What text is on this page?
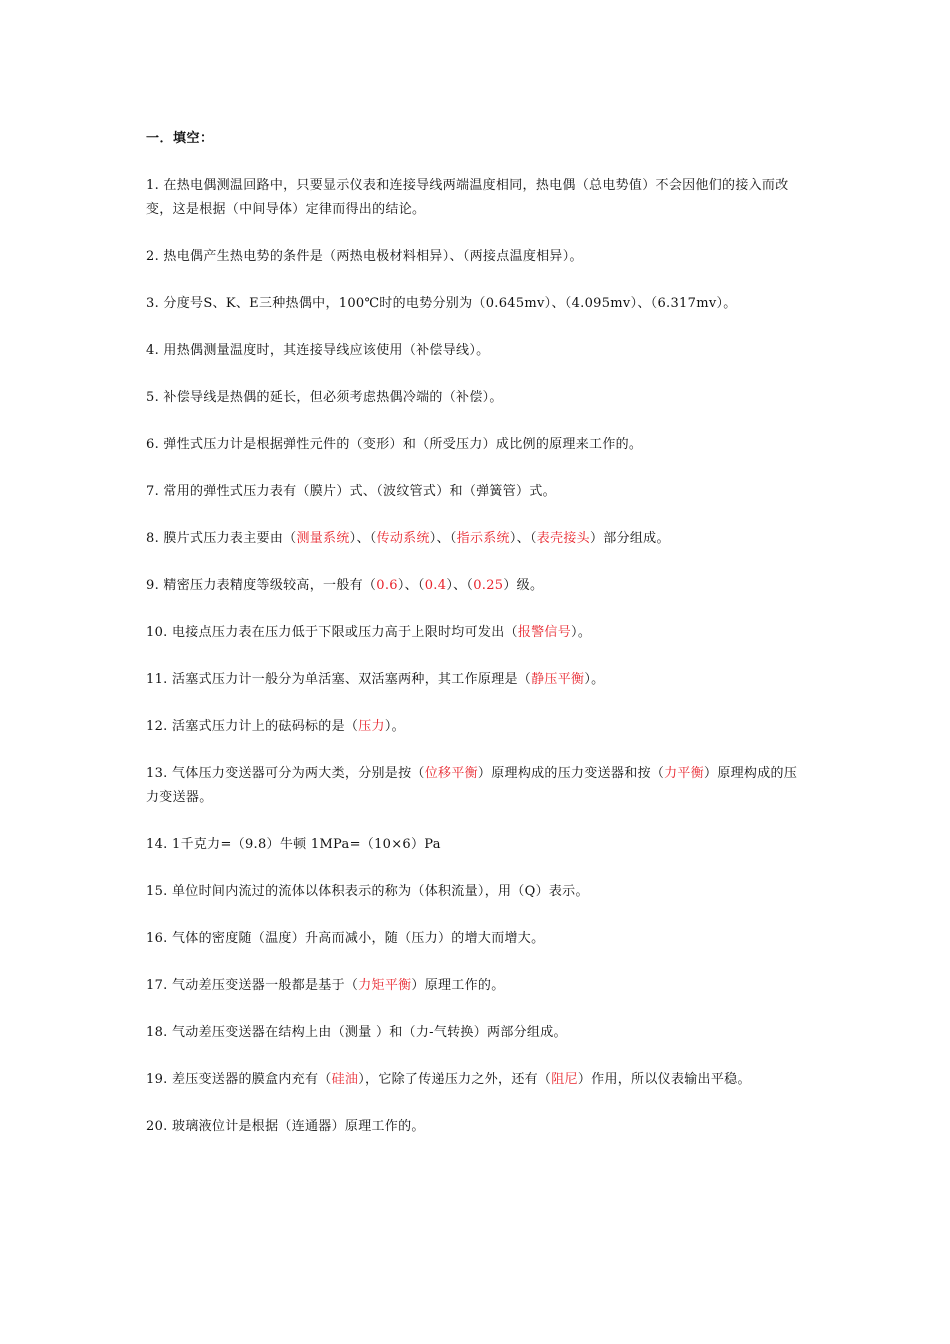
一．填空：
1. 在热电偶测温回路中，只要显示仪表和连接导线两端温度相同，热电偶（总电势值）不会因他们的接入而改变，这是根据（中间导体）定律而得出的结论。
2. 热电偶产生热电势的条件是（两热电极材料相异）、（两接点温度相异）。
3. 分度号S、K、E三种热偶中，100℃时的电势分别为（0.645mv）、（4.095mv）、（6.317mv）。
4. 用热偶测量温度时，其连接导线应该使用（补偿导线）。
5. 补偿导线是热偶的延长，但必须考虑热偶冷端的（补偿）。
6. 弹性式压力计是根据弹性元件的（变形）和（所受压力）成比例的原理来工作的。
7. 常用的弹性式压力表有（膜片）式、（波纹管式）和（弹簧管）式。
8. 膜片式压力表主要由（测量系统）、（传动系统）、（指示系统）、（表壳接头）部分组成。
9. 精密压力表精度等级较高，一般有（0.6）、（0.4）、（0.25）级。
10. 电接点压力表在压力低于下限或压力高于上限时均可发出（报警信号）。
11. 活塞式压力计一般分为单活塞、双活塞两种，其工作原理是（静压平衡）。
12. 活塞式压力计上的砝码标的是（压力）。
13. 气体压力变送器可分为两大类，分别是按（位移平衡）原理构成的压力变送器和按（力平衡）原理构成的压力变送器。
14. 1千克力=（9.8）牛顿 1MPa=（10×6）Pa
15. 单位时间内流过的流体以体积表示的称为（体积流量），用（Q）表示。
16. 气体的密度随（温度）升高而减小，随（压力）的增大而增大。
17. 气动差压变送器一般都是基于（力矩平衡）原理工作的。
18. 气动差压变送器在结构上由（测量 ）和（力-气转换）两部分组成。
19. 差压变送器的膜盒内充有（硅油），它除了传递压力之外，还有（阻尼）作用，所以仪表输出平稳。
20. 玻璃液位计是根据（连通器）原理工作的。
